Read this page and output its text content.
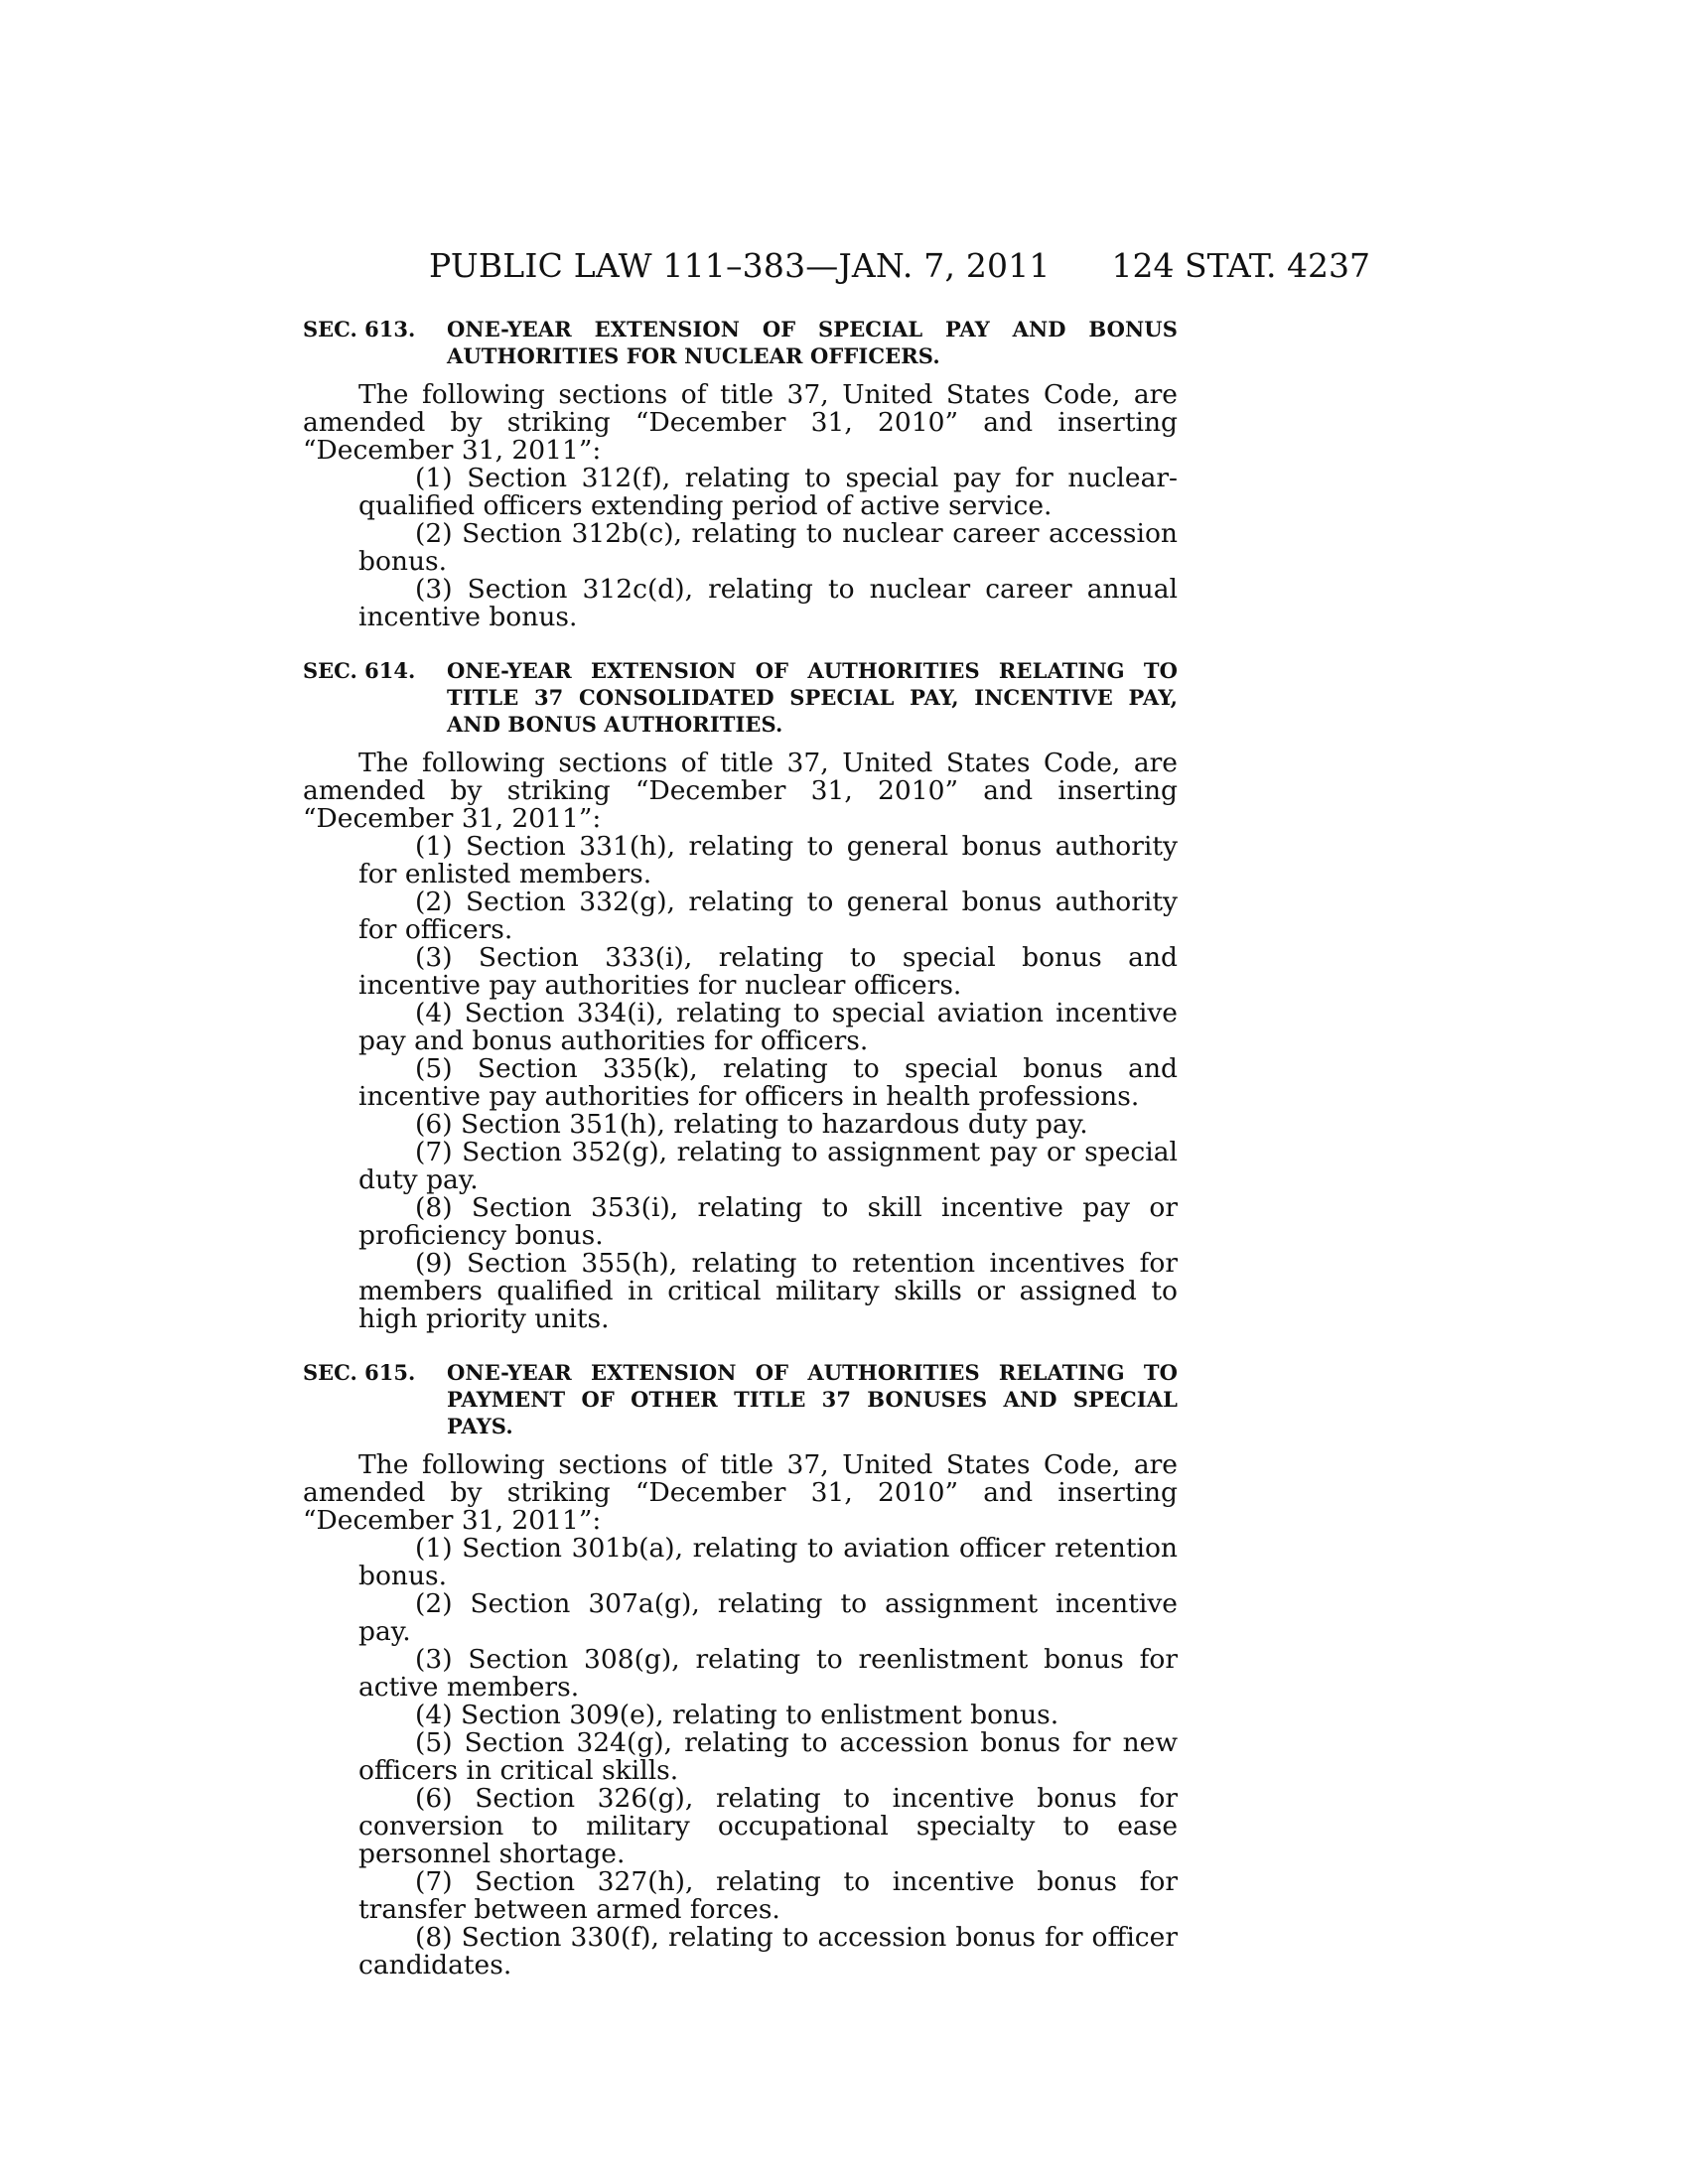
PUBLIC LAW 111–383—JAN. 7, 2011 124 STAT. 4237
SEC. 613.	ONE-YEAR EXTENSION OF SPECIAL PAY AND BONUS AUTHORITIES FOR NUCLEAR OFFICERS.

The following sections of title 37, United States Code, are amended by striking “December 31, 2010” and inserting “December 31, 2011”:

(1) Section 312(f), relating to special pay for nuclear-qualified officers extending period of active service.

(2) Section 312b(c), relating to nuclear career accession bonus.

(3) Section 312c(d), relating to nuclear career annual incentive bonus.

SEC. 614.	ONE-YEAR EXTENSION OF AUTHORITIES RELATING TO TITLE 37 CONSOLIDATED SPECIAL PAY, INCENTIVE PAY, AND BONUS AUTHORITIES.

The following sections of title 37, United States Code, are amended by striking “December 31, 2010” and inserting “December 31, 2011”:

(1) Section 331(h), relating to general bonus authority for enlisted members.

(2) Section 332(g), relating to general bonus authority for officers.

(3) Section 333(i), relating to special bonus and incentive pay authorities for nuclear officers.

(4) Section 334(i), relating to special aviation incentive pay and bonus authorities for officers.

(5) Section 335(k), relating to special bonus and incentive pay authorities for officers in health professions.

(6) Section 351(h), relating to hazardous duty pay.

(7) Section 352(g), relating to assignment pay or special duty pay.

(8) Section 353(i), relating to skill incentive pay or proficiency bonus.

(9) Section 355(h), relating to retention incentives for members qualified in critical military skills or assigned to high priority units.

SEC. 615.	ONE-YEAR EXTENSION OF AUTHORITIES RELATING TO PAYMENT OF OTHER TITLE 37 BONUSES AND SPECIAL PAYS.

The following sections of title 37, United States Code, are amended by striking “December 31, 2010” and inserting “December 31, 2011”:

(1) Section 301b(a), relating to aviation officer retention bonus.

(2) Section 307a(g), relating to assignment incentive pay.

(3) Section 308(g), relating to reenlistment bonus for active members.

(4) Section 309(e), relating to enlistment bonus.

(5) Section 324(g), relating to accession bonus for new officers in critical skills.

(6) Section 326(g), relating to incentive bonus for conversion to military occupational specialty to ease personnel shortage.

(7) Section 327(h), relating to incentive bonus for transfer between armed forces.

(8) Section 330(f), relating to accession bonus for officer candidates.
